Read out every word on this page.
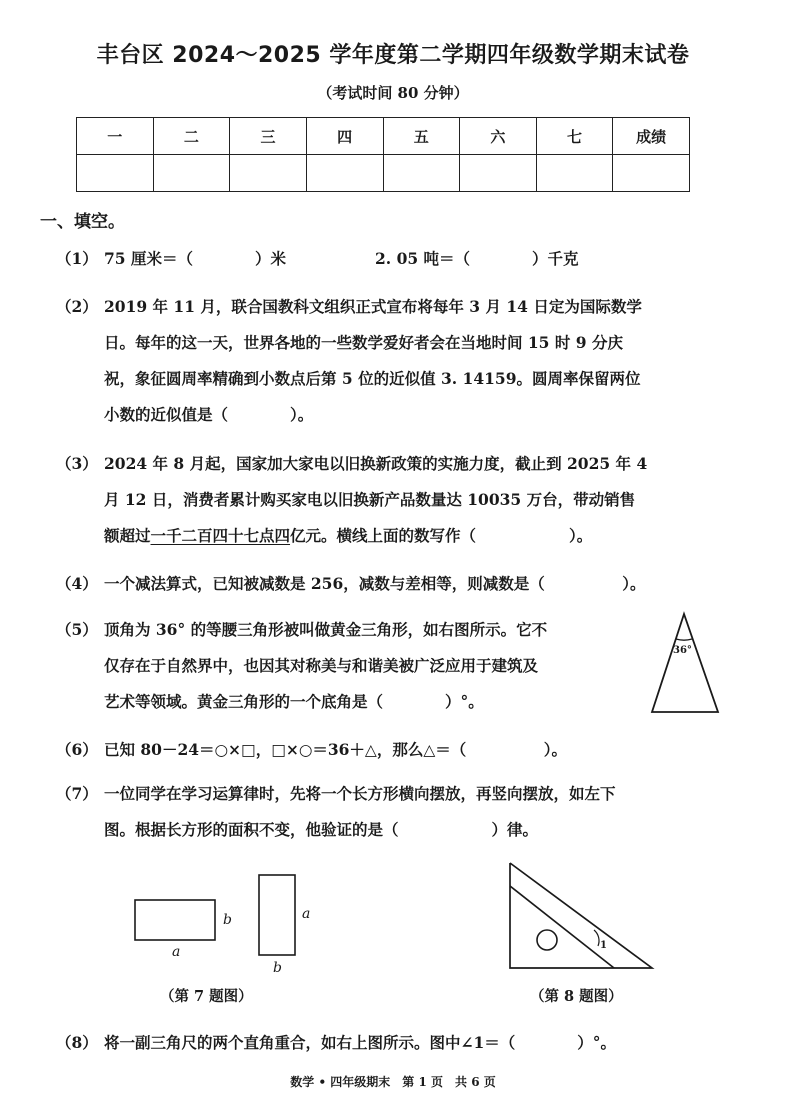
丰台区 2024～2025 学年度第二学期四年级数学期末试卷
（考试时间 80 分钟）
一	二	三	四	五	六	七	成绩

一、填空。
（1） 75 厘米＝（　　　　）米	2. 05 吨＝（　　　　）千克
（2） 2019 年 11 月，联合国教科文组织正式宣布将每年 3 月 14 日定为国际数学
日。每年的这一天，世界各地的一些数学爱好者会在当地时间 15 时 9 分庆
祝，象征圆周率精确到小数点后第 5 位的近似值 3. 14159。圆周率保留两位
小数的近似值是（　　　　）。
（3） 2024 年 8 月起，国家加大家电以旧换新政策的实施力度，截止到 2025 年 4
月 12 日，消费者累计购买家电以旧换新产品数量达 10035 万台，带动销售
额超过一千二百四十七点四亿元。横线上面的数写作（　　　　　　）。
（4） 一个减法算式，已知被减数是 256，减数与差相等，则减数是（　　　　　）。
（5） 顶角为 36° 的等腰三角形被叫做黄金三角形，如右图所示。它不
仅存在于自然界中，也因其对称美与和谐美被广泛应用于建筑及
艺术等领域。黄金三角形的一个底角是（　　　　）°。
36°
（6） 已知 80－24＝○×□，□×○＝36＋△，那么△＝（　　　　　）。
（7） 一位同学在学习运算律时，先将一个长方形横向摆放，再竖向摆放，如左下
图。根据长方形的面积不变，他验证的是（　　　　　　）律。
b
a
a
b
（第 7 题图）
1
（第 8 题图）
（8） 将一副三角尺的两个直角重合，如右上图所示。图中∠1＝（　　　　）°。
数学 • 四年级期末　第 1 页　共 6 页
